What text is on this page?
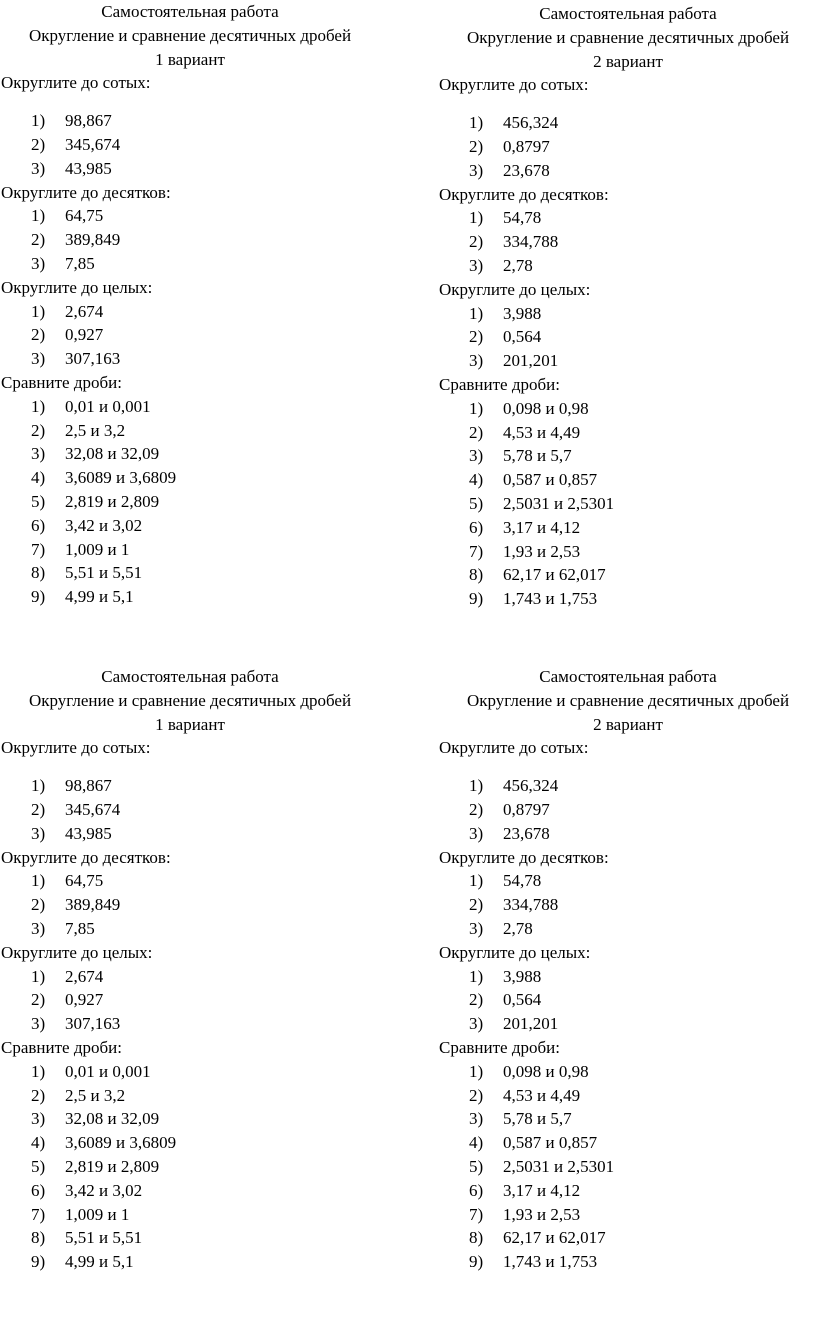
Самостоятельная работа
Округление и сравнение десятичных дробей
1 вариант
Округлите до сотых:
1) 98,867
2) 345,674
3) 43,985
Округлите до десятков:
1) 64,75
2) 389,849
3) 7,85
Округлите до целых:
1) 2,674
2) 0,927
3) 307,163
Сравните дроби:
1) 0,01 и 0,001
2) 2,5 и 3,2
3) 32,08 и 32,09
4) 3,6089 и 3,6809
5) 2,819 и 2,809
6) 3,42 и 3,02
7) 1,009 и 1
8) 5,51 и 5,51
9) 4,99 и 5,1
Самостоятельная работа
Округление и сравнение десятичных дробей
2 вариант
Округлите до сотых:
1) 456,324
2) 0,8797
3) 23,678
Округлите до десятков:
1) 54,78
2) 334,788
3) 2,78
Округлите до целых:
1) 3,988
2) 0,564
3) 201,201
Сравните дроби:
1) 0,098 и 0,98
2) 4,53 и 4,49
3) 5,78 и 5,7
4) 0,587 и 0,857
5) 2,5031 и 2,5301
6) 3,17 и 4,12
7) 1,93 и 2,53
8) 62,17 и 62,017
9) 1,743 и 1,753
Самостоятельная работа
Округление и сравнение десятичных дробей
1 вариант
Округлите до сотых:
1) 98,867
2) 345,674
3) 43,985
Округлите до десятков:
1) 64,75
2) 389,849
3) 7,85
Округлите до целых:
1) 2,674
2) 0,927
3) 307,163
Сравните дроби:
1) 0,01 и 0,001
2) 2,5 и 3,2
3) 32,08 и 32,09
4) 3,6089 и 3,6809
5) 2,819 и 2,809
6) 3,42 и 3,02
7) 1,009 и 1
8) 5,51 и 5,51
9) 4,99 и 5,1
Самостоятельная работа
Округление и сравнение десятичных дробей
2 вариант
Округлите до сотых:
1) 456,324
2) 0,8797
3) 23,678
Округлите до десятков:
1) 54,78
2) 334,788
3) 2,78
Округлите до целых:
1) 3,988
2) 0,564
3) 201,201
Сравните дроби:
1) 0,098 и 0,98
2) 4,53 и 4,49
3) 5,78 и 5,7
4) 0,587 и 0,857
5) 2,5031 и 2,5301
6) 3,17 и 4,12
7) 1,93 и 2,53
8) 62,17 и 62,017
9) 1,743 и 1,753
